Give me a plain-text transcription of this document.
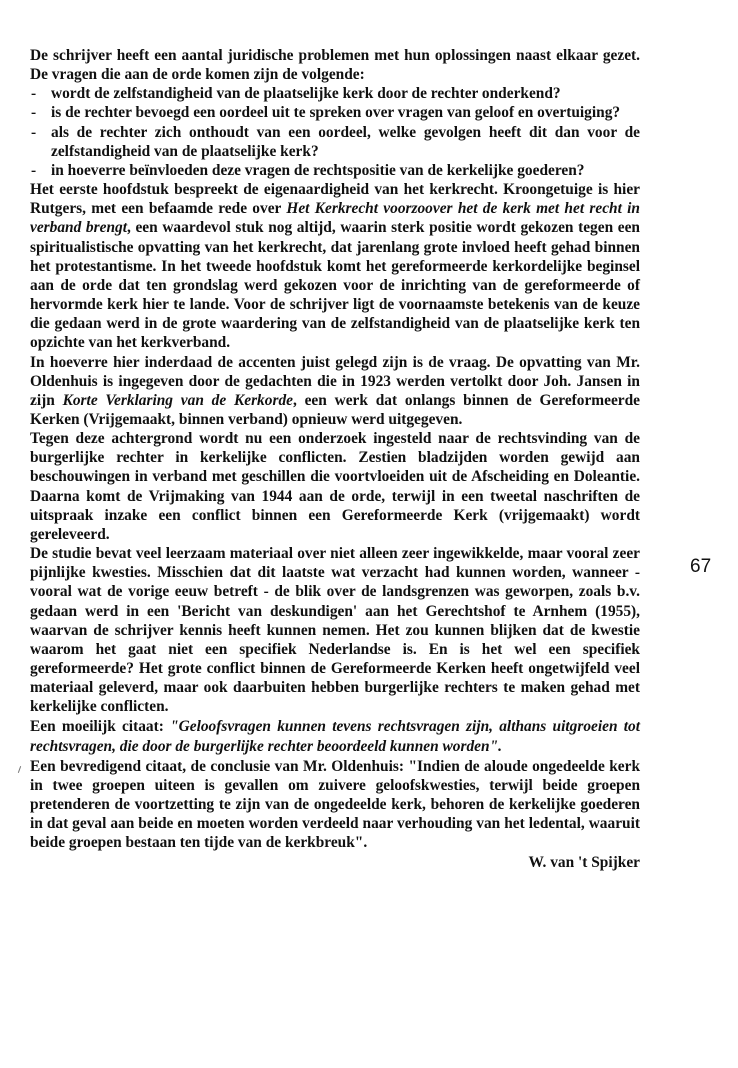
De schrijver heeft een aantal juridische problemen met hun oplossingen naast elkaar gezet. De vragen die aan de orde komen zijn de volgende:

- wordt de zelfstandigheid van de plaatselijke kerk door de rechter onderkend?
- is de rechter bevoegd een oordeel uit te spreken over vragen van geloof en overtuiging?
- als de rechter zich onthoudt van een oordeel, welke gevolgen heeft dit dan voor de zelfstandigheid van de plaatselijke kerk?
- in hoeverre beïnvloeden deze vragen de rechtspositie van de kerkelijke goederen?

Het eerste hoofdstuk bespreekt de eigenaardigheid van het kerkrecht. Kroongetuige is hier Rutgers, met een befaamde rede over Het Kerkrecht voorzoover het de kerk met het recht in verband brengt, een waardevol stuk nog altijd, waarin sterk positie wordt gekozen tegen een spiritualistische opvatting van het kerkrecht, dat jarenlang grote invloed heeft gehad binnen het protestantisme. In het tweede hoofdstuk komt het gereformeerde kerkordelijke beginsel aan de orde dat ten grondslag werd gekozen voor de inrichting van de gereformeerde of hervormde kerk hier te lande. Voor de schrijver ligt de voornaamste betekenis van de keuze die gedaan werd in de grote waardering van de zelfstandigheid van de plaatselijke kerk ten opzichte van het kerkverband.

In hoeverre hier inderdaad de accenten juist gelegd zijn is de vraag. De opvatting van Mr. Oldenhuis is ingegeven door de gedachten die in 1923 werden vertolkt door Joh. Jansen in zijn Korte Verklaring van de Kerkorde, een werk dat onlangs binnen de Gereformeerde Kerken (Vrijgemaakt, binnen verband) opnieuw werd uitgegeven.

Tegen deze achtergrond wordt nu een onderzoek ingesteld naar de rechtsvinding van de burgerlijke rechter in kerkelijke conflicten. Zestien bladzijden worden gewijd aan beschouwingen in verband met geschillen die voortvloeiden uit de Afscheiding en Doleantie. Daarna komt de Vrijmaking van 1944 aan de orde, terwijl in een tweetal naschriften de uitspraak inzake een conflict binnen een Gereformeerde Kerk (vrijgemaakt) wordt gereleveerd.

De studie bevat veel leerzaam materiaal over niet alleen zeer ingewikkelde, maar vooral zeer pijnlijke kwesties. Misschien dat dit laatste wat verzacht had kunnen worden, wanneer - vooral wat de vorige eeuw betreft - de blik over de landsgrenzen was geworpen, zoals b.v. gedaan werd in een 'Bericht van deskundigen' aan het Gerechtshof te Arnhem (1955), waarvan de schrijver kennis heeft kunnen nemen. Het zou kunnen blijken dat de kwestie waarom het gaat niet een specifiek Nederlandse is. En is het wel een specifiek gereformeerde? Het grote conflict binnen de Gereformeerde Kerken heeft ongetwijfeld veel materiaal geleverd, maar ook daarbuiten hebben burgerlijke rechters te maken gehad met kerkelijke conflicten.

Een moeilijk citaat: "Geloofsvragen kunnen tevens rechtsvragen zijn, althans uitgroeien tot rechtsvragen, die door de burgerlijke rechter beoordeeld kunnen worden".

Een bevredigend citaat, de conclusie van Mr. Oldenhuis: "Indien de aloude ongedeelde kerk in twee groepen uiteen is gevallen om zuivere geloofskwesties, terwijl beide groepen pretenderen de voortzetting te zijn van de ongedeelde kerk, behoren de kerkelijke goederen in dat geval aan beide en moeten worden verdeeld naar verhouding van het ledental, waaruit beide groepen bestaan ten tijde van de kerkbreuk".

W. van 't Spijker

67
